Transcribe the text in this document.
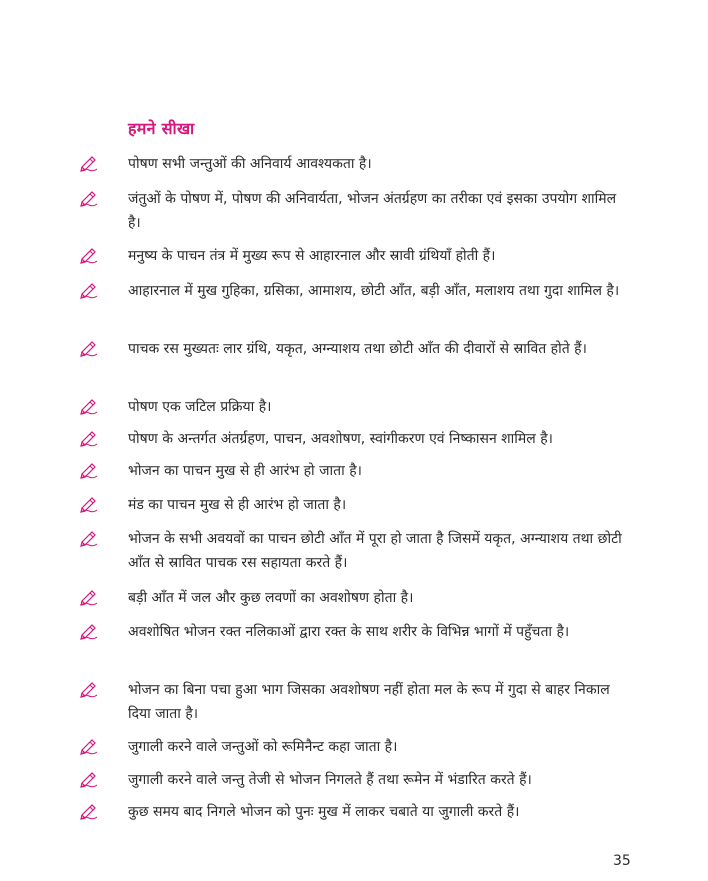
हमने सीखा
पोषण सभी जन्तुओं की अनिवार्य आवश्यकता है।
जंतुओं के पोषण में, पोषण की अनिवार्यता, भोजन अंतर्ग्रहण का तरीका एवं इसका उपयोग शामिल है।
मनुष्य के पाचन तंत्र में मुख्य रूप से आहारनाल और स्रावी ग्रंथियाँ होती हैं।
आहारनाल में मुख गुहिका, ग्रसिका, आमाशय, छोटी आँत, बड़ी आँत, मलाशय तथा गुदा शामिल है।
पाचक रस मुख्यतः लार ग्रंथि, यकृत, अग्न्याशय तथा छोटी आँत की दीवारों से स्रावित होते हैं।
पोषण एक जटिल प्रक्रिया है।
पोषण के अन्तर्गत अंतर्ग्रहण, पाचन, अवशोषण, स्वांगीकरण एवं निष्कासन शामिल है।
भोजन का पाचन मुख से ही आरंभ हो जाता है।
मंड का पाचन मुख से ही आरंभ हो जाता है।
भोजन के सभी अवयवों का पाचन छोटी आँत में पूरा हो जाता है जिसमें यकृत, अग्न्याशय तथा छोटी आँत से स्रावित पाचक रस सहायता करते हैं।
बड़ी आँत में जल और कुछ लवणों का अवशोषण होता है।
अवशोषित भोजन रक्त नलिकाओं द्वारा रक्त के साथ शरीर के विभिन्न भागों में पहुँचता है।
भोजन का बिना पचा हुआ भाग जिसका अवशोषण नहीं होता मल के रूप में गुदा से बाहर निकाल दिया जाता है।
जुगाली करने वाले जन्तुओं को रूमिनैन्ट कहा जाता है।
जुगाली करने वाले जन्तु तेजी से भोजन निगलते हैं तथा रूमेन में भंडारित करते हैं।
कुछ समय बाद निगले भोजन को पुनः मुख में लाकर चबाते या जुगाली करते हैं।
35
